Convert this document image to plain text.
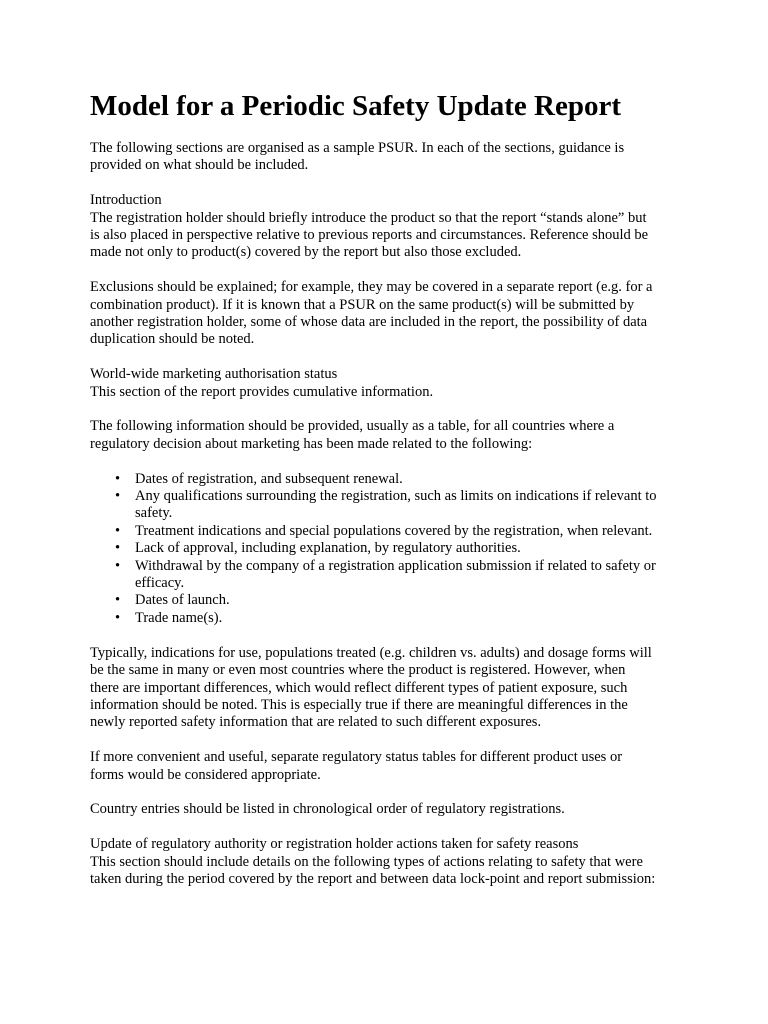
Model for a Periodic Safety Update Report
The following sections are organised as a sample PSUR. In each of the sections, guidance is
provided on what should be included.
Introduction
The registration holder should briefly introduce the product so that the report “stands alone” but
is also placed in perspective relative to previous reports and circumstances. Reference should be
made not only to product(s) covered by the report but also those excluded.
Exclusions should be explained; for example, they may be covered in a separate report (e.g. for a
combination product). If it is known that a PSUR on the same product(s) will be submitted by
another registration holder, some of whose data are included in the report, the possibility of data
duplication should be noted.
World-wide marketing authorisation status
This section of the report provides cumulative information.
The following information should be provided, usually as a table, for all countries where a
regulatory decision about marketing has been made related to the following:
• Dates of registration, and subsequent renewal.
• Any qualifications surrounding the registration, such as limits on indications if relevant to
safety.
• Treatment indications and special populations covered by the registration, when relevant.
• Lack of approval, including explanation, by regulatory authorities.
• Withdrawal by the company of a registration application submission if related to safety or
efficacy.
• Dates of launch.
• Trade name(s).
Typically, indications for use, populations treated (e.g. children vs. adults) and dosage forms will
be the same in many or even most countries where the product is registered. However, when
there are important differences, which would reflect different types of patient exposure, such
information should be noted. This is especially true if there are meaningful differences in the
newly reported safety information that are related to such different exposures.
If more convenient and useful, separate regulatory status tables for different product uses or
forms would be considered appropriate.
Country entries should be listed in chronological order of regulatory registrations.
Update of regulatory authority or registration holder actions taken for safety reasons
This section should include details on the following types of actions relating to safety that were
taken during the period covered by the report and between data lock-point and report submission:
